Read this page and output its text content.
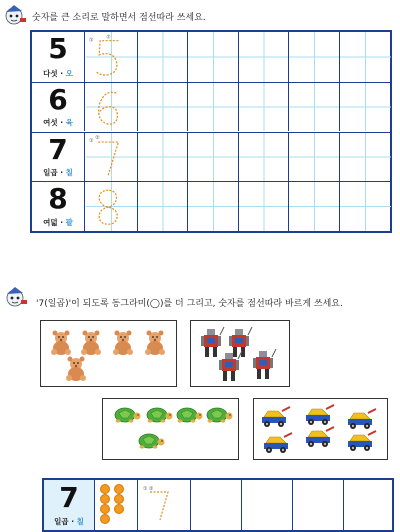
숫자를 큰 소리로 말하면서 점선따라 쓰세요.
5
다섯 · 오
①
②
6
여섯 · 육
7
일곱 · 칠
①
②
8
여덟 · 팔
'7(일곱)'이 되도록 동그라미(◯)를 더 그리고, 숫자를 점선따라 바르게 쓰세요.
7
일곱 · 칠
① ②
